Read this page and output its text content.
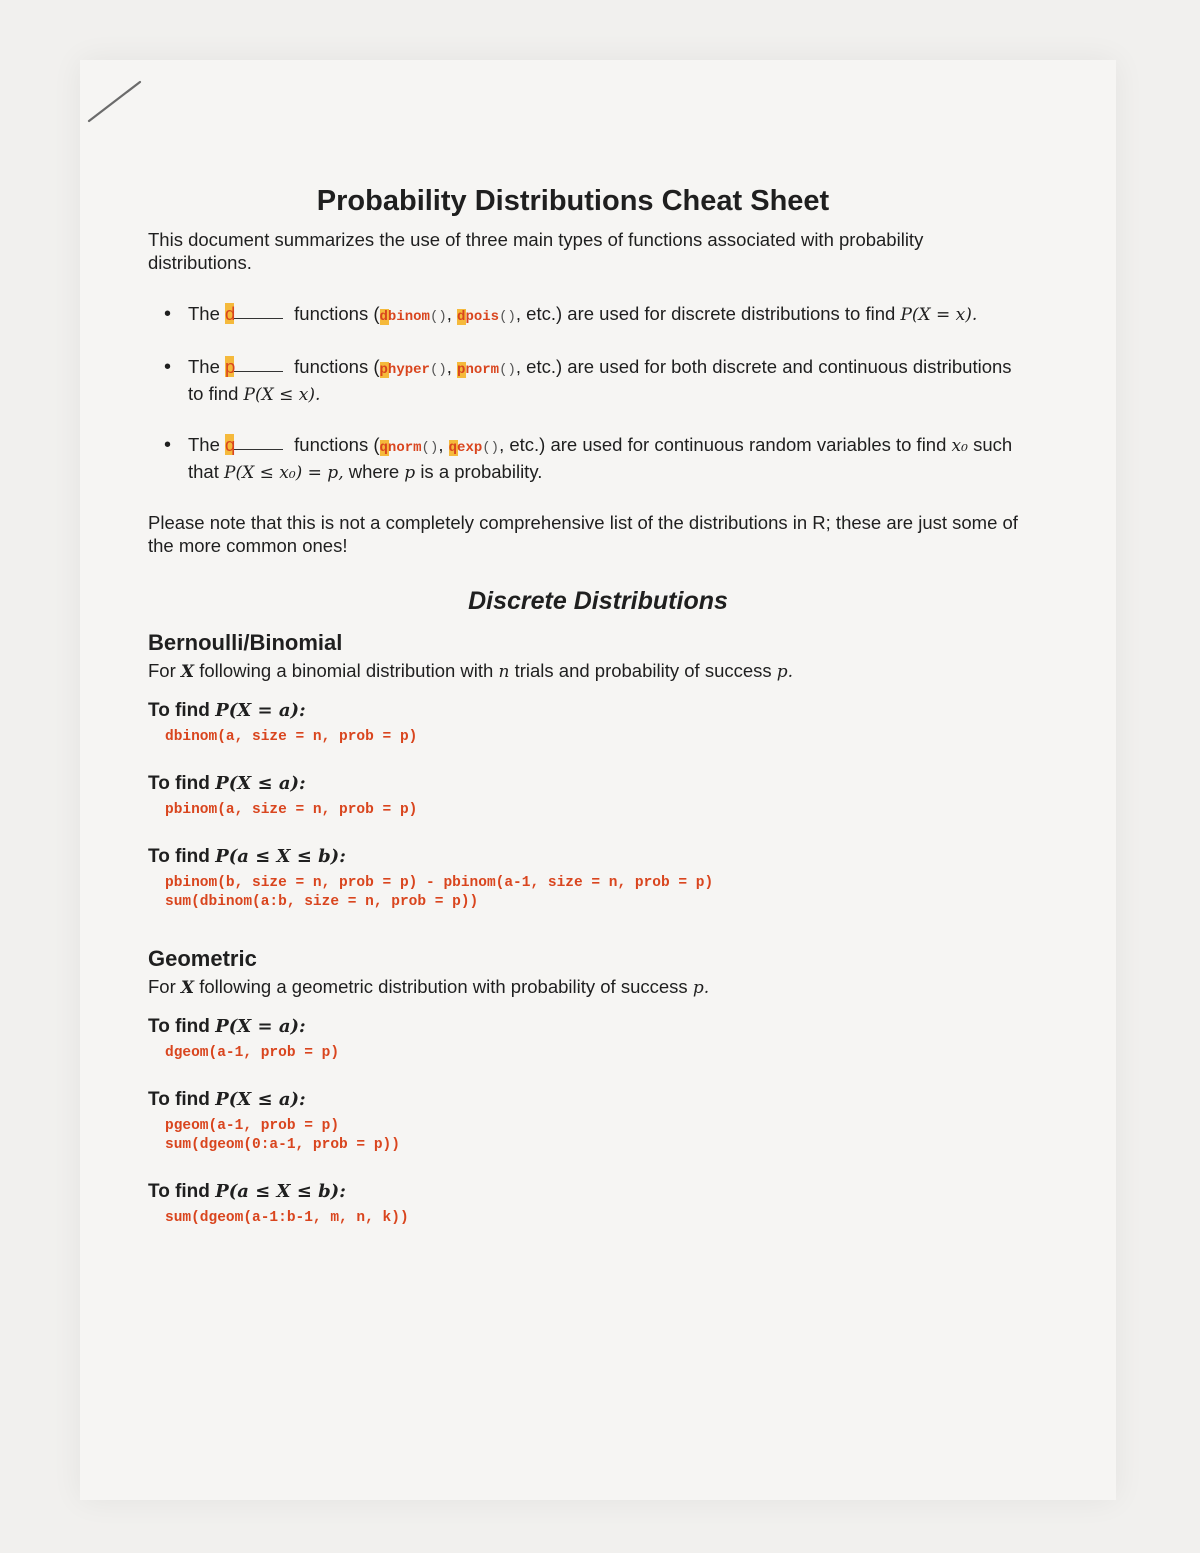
Probability Distributions Cheat Sheet

This document summarizes the use of three main types of functions associated with probability distributions.

• The d	functions (dbinom(), dpois(), etc.) are used for discrete distributions to find P(X = x).
• The p	functions (phyper(), pnorm(), etc.) are used for both discrete and continuous distributions to find P(X ≤ x).
• The q	functions (qnorm(), qexp(), etc.) are used for continuous random variables to find x₀ such that P(X ≤ x₀) = p, where p is a probability.

Please note that this is not a completely comprehensive list of the distributions in R; these are just some of the more common ones!

Discrete Distributions
Bernoulli/Binomial
For X following a binomial distribution with n trials and probability of success p.
To find P(X = a):
dbinom(a, size = n, prob = p)
To find P(X ≤ a):
pbinom(a, size = n, prob = p)
To find P(a ≤ X ≤ b):
pbinom(b, size = n, prob = p) - pbinom(a-1, size = n, prob = p)
sum(dbinom(a:b, size = n, prob = p))
Geometric
For X following a geometric distribution with probability of success p.
To find P(X = a):
dgeom(a-1, prob = p)
To find P(X ≤ a):
pgeom(a-1, prob = p)
sum(dgeom(0:a-1, prob = p))
To find P(a ≤ X ≤ b):
sum(dgeom(a-1:b-1, m, n, k))
